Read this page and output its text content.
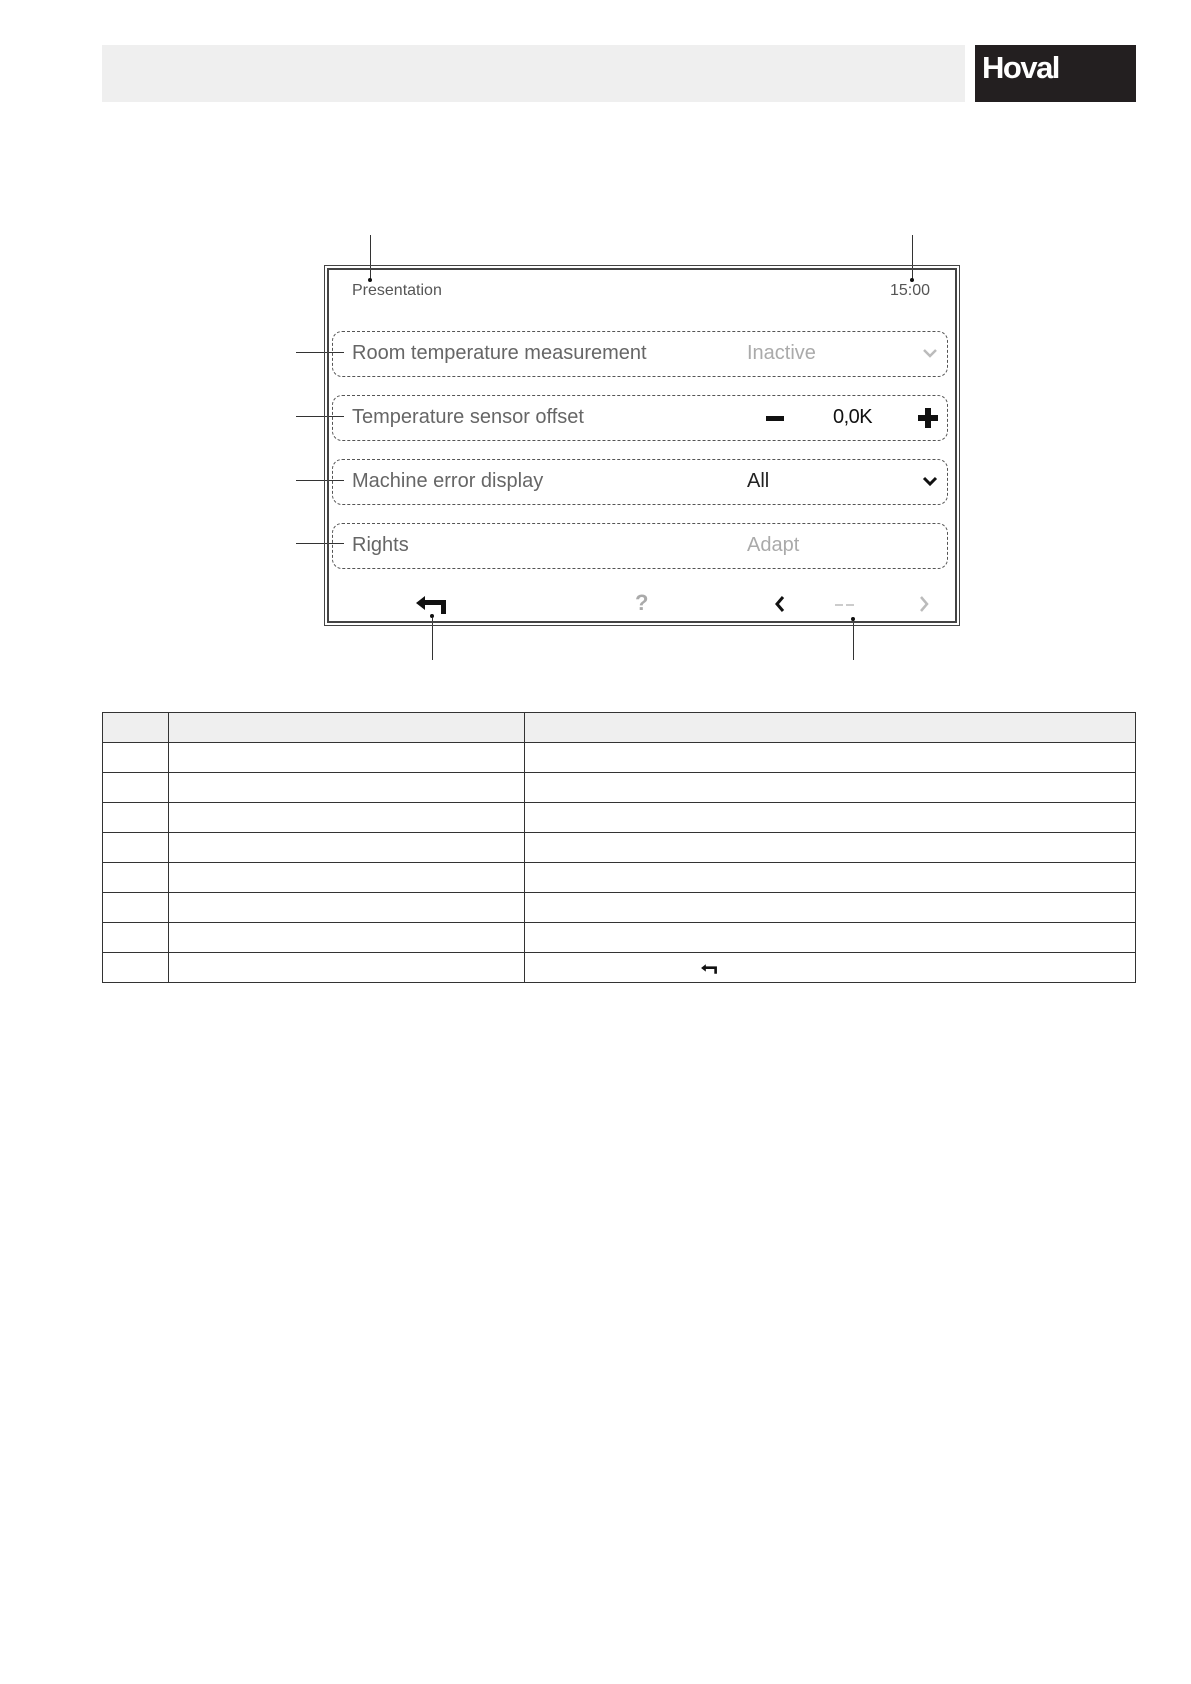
Hoval
Presentation	15:00
Room temperature measurement	Inactive
Temperature sensor offset	0,0K
Machine error display	All
Rights	Adapt
?
